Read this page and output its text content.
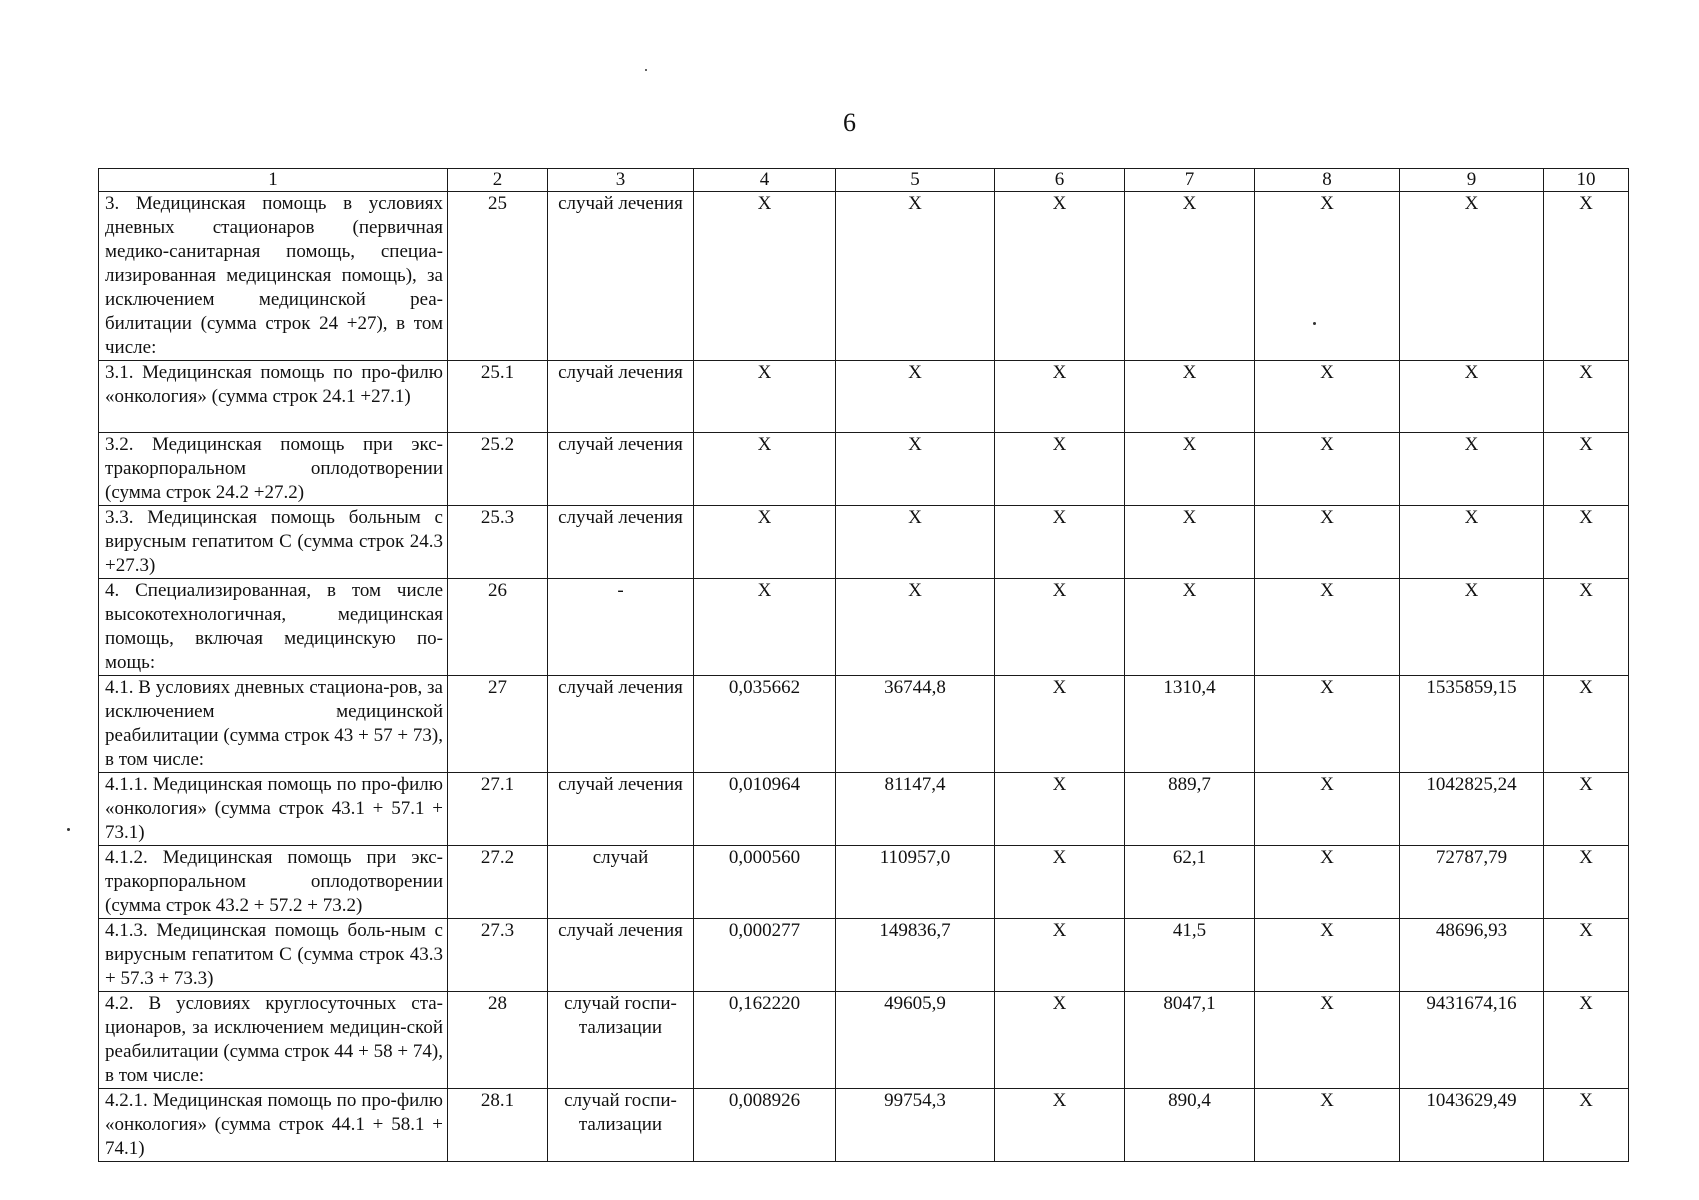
6
1	2	3	4	5	6	7	8	9	10
3. Медицинская помощь в условиях дневных стационаров (первичная медико-санитарная помощь, специа-лизированная медицинская помощь), за исключением медицинской реа-билитации (сумма строк 24 +27), в том числе:	25	случай лечения	X	X	X	X	X	X	X
3.1. Медицинская помощь по про-филю «онкология» (сумма строк 24.1 +27.1)	25.1	случай лечения	X	X	X	X	X	X	X
3.2. Медицинская помощь при экс-тракорпоральном оплодотворении (сумма строк 24.2 +27.2)	25.2	случай лечения	X	X	X	X	X	X	X
3.3. Медицинская помощь больным с вирусным гепатитом С (сумма строк 24.3 +27.3)	25.3	случай лечения	X	X	X	X	X	X	X
4. Специализированная, в том числе высокотехнологичная, медицинская помощь, включая медицинскую по-мощь:	26	-	X	X	X	X	X	X	X
4.1. В условиях дневных стациона-ров, за исключением медицинской реабилитации (сумма строк 43 + 57 + 73), в том числе:	27	случай лечения	0,035662	36744,8	X	1310,4	X	1535859,15	X
4.1.1. Медицинская помощь по про-филю «онкология» (сумма строк 43.1 + 57.1 + 73.1)	27.1	случай лечения	0,010964	81147,4	X	889,7	X	1042825,24	X
4.1.2. Медицинская помощь при экс-тракорпоральном оплодотворении (сумма строк 43.2 + 57.2 + 73.2)	27.2	случай	0,000560	110957,0	X	62,1	X	72787,79	X
4.1.3. Медицинская помощь боль-ным с вирусным гепатитом С (сумма строк 43.3 + 57.3 + 73.3)	27.3	случай лечения	0,000277	149836,7	X	41,5	X	48696,93	X
4.2. В условиях круглосуточных ста-ционаров, за исключением медицин-ской реабилитации (сумма строк 44 + 58 + 74), в том числе:	28	случай госпи-тализации	0,162220	49605,9	X	8047,1	X	9431674,16	X
4.2.1. Медицинская помощь по про-филю «онкология» (сумма строк 44.1 + 58.1 + 74.1)	28.1	случай госпи-тализации	0,008926	99754,3	X	890,4	X	1043629,49	X
